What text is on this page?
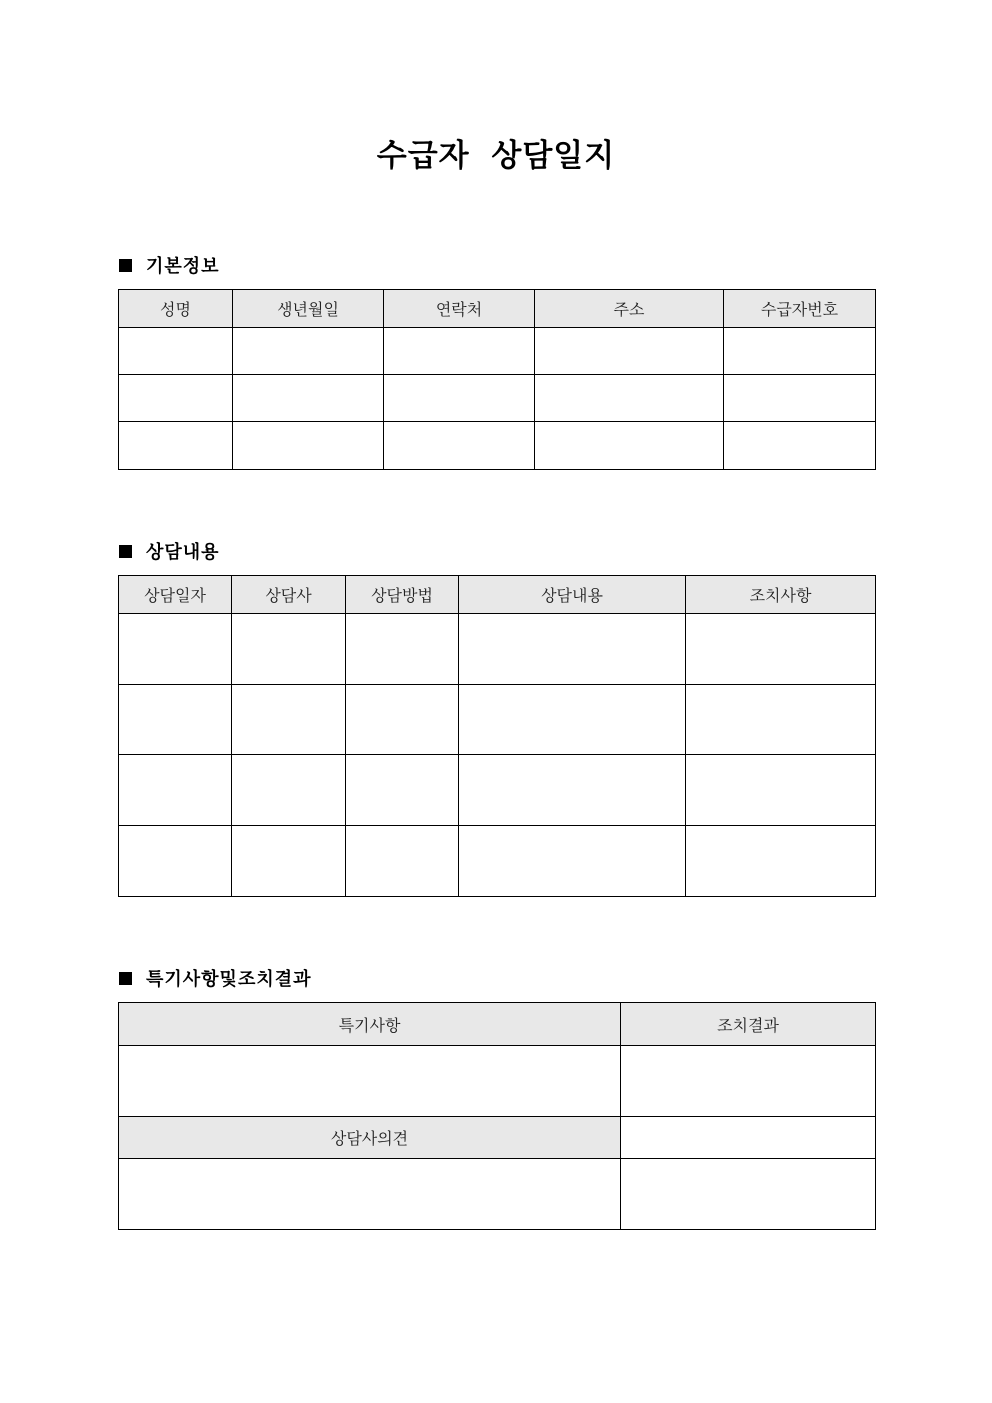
수급자 상담일지
기본정보
성명	생년월일	연락처	주소	수급자번호

상담내용
상담일자	상담사	상담방법	상담내용	조치사항

특기사항및조치결과
특기사항	조치결과

상담사의견	
